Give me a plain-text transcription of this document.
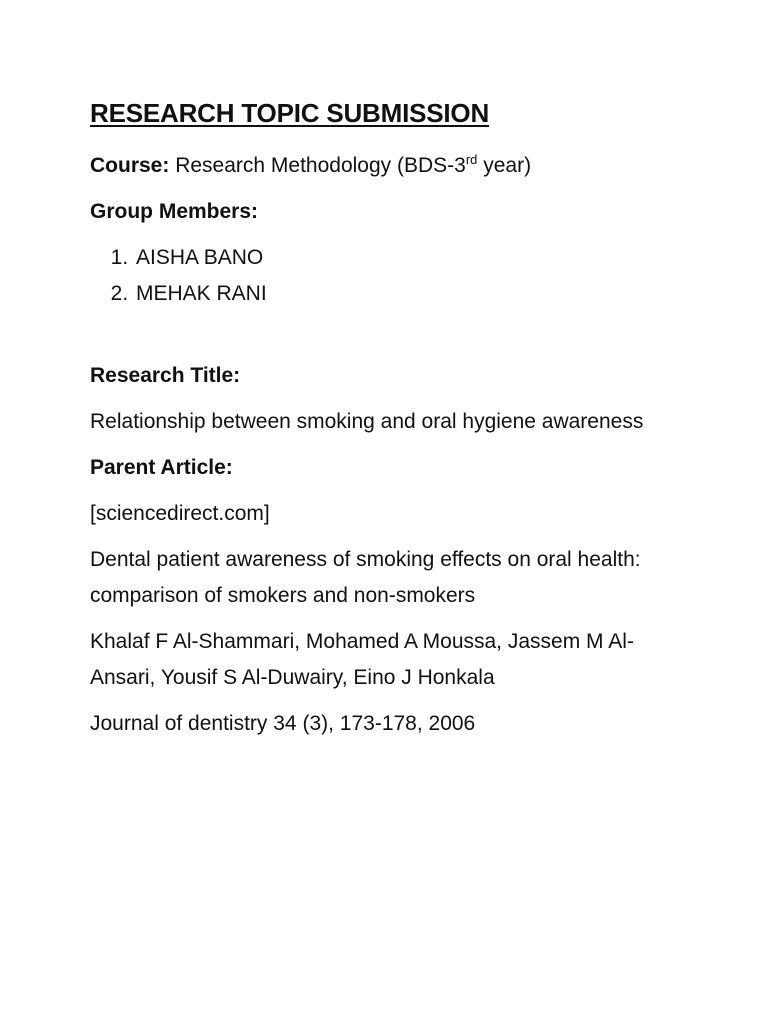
RESEARCH TOPIC SUBMISSION

Course: Research Methodology (BDS-3rd year)

Group Members:

1. AISHA BANO
2. MEHAK RANI

Research Title:

Relationship between smoking and oral hygiene awareness

Parent Article:

[sciencedirect.com]

Dental patient awareness of smoking effects on oral health: comparison of smokers and non-smokers

Khalaf F Al-Shammari, Mohamed A Moussa, Jassem M Al-Ansari, Yousif S Al-Duwairy, Eino J Honkala

Journal of dentistry 34 (3), 173-178, 2006
